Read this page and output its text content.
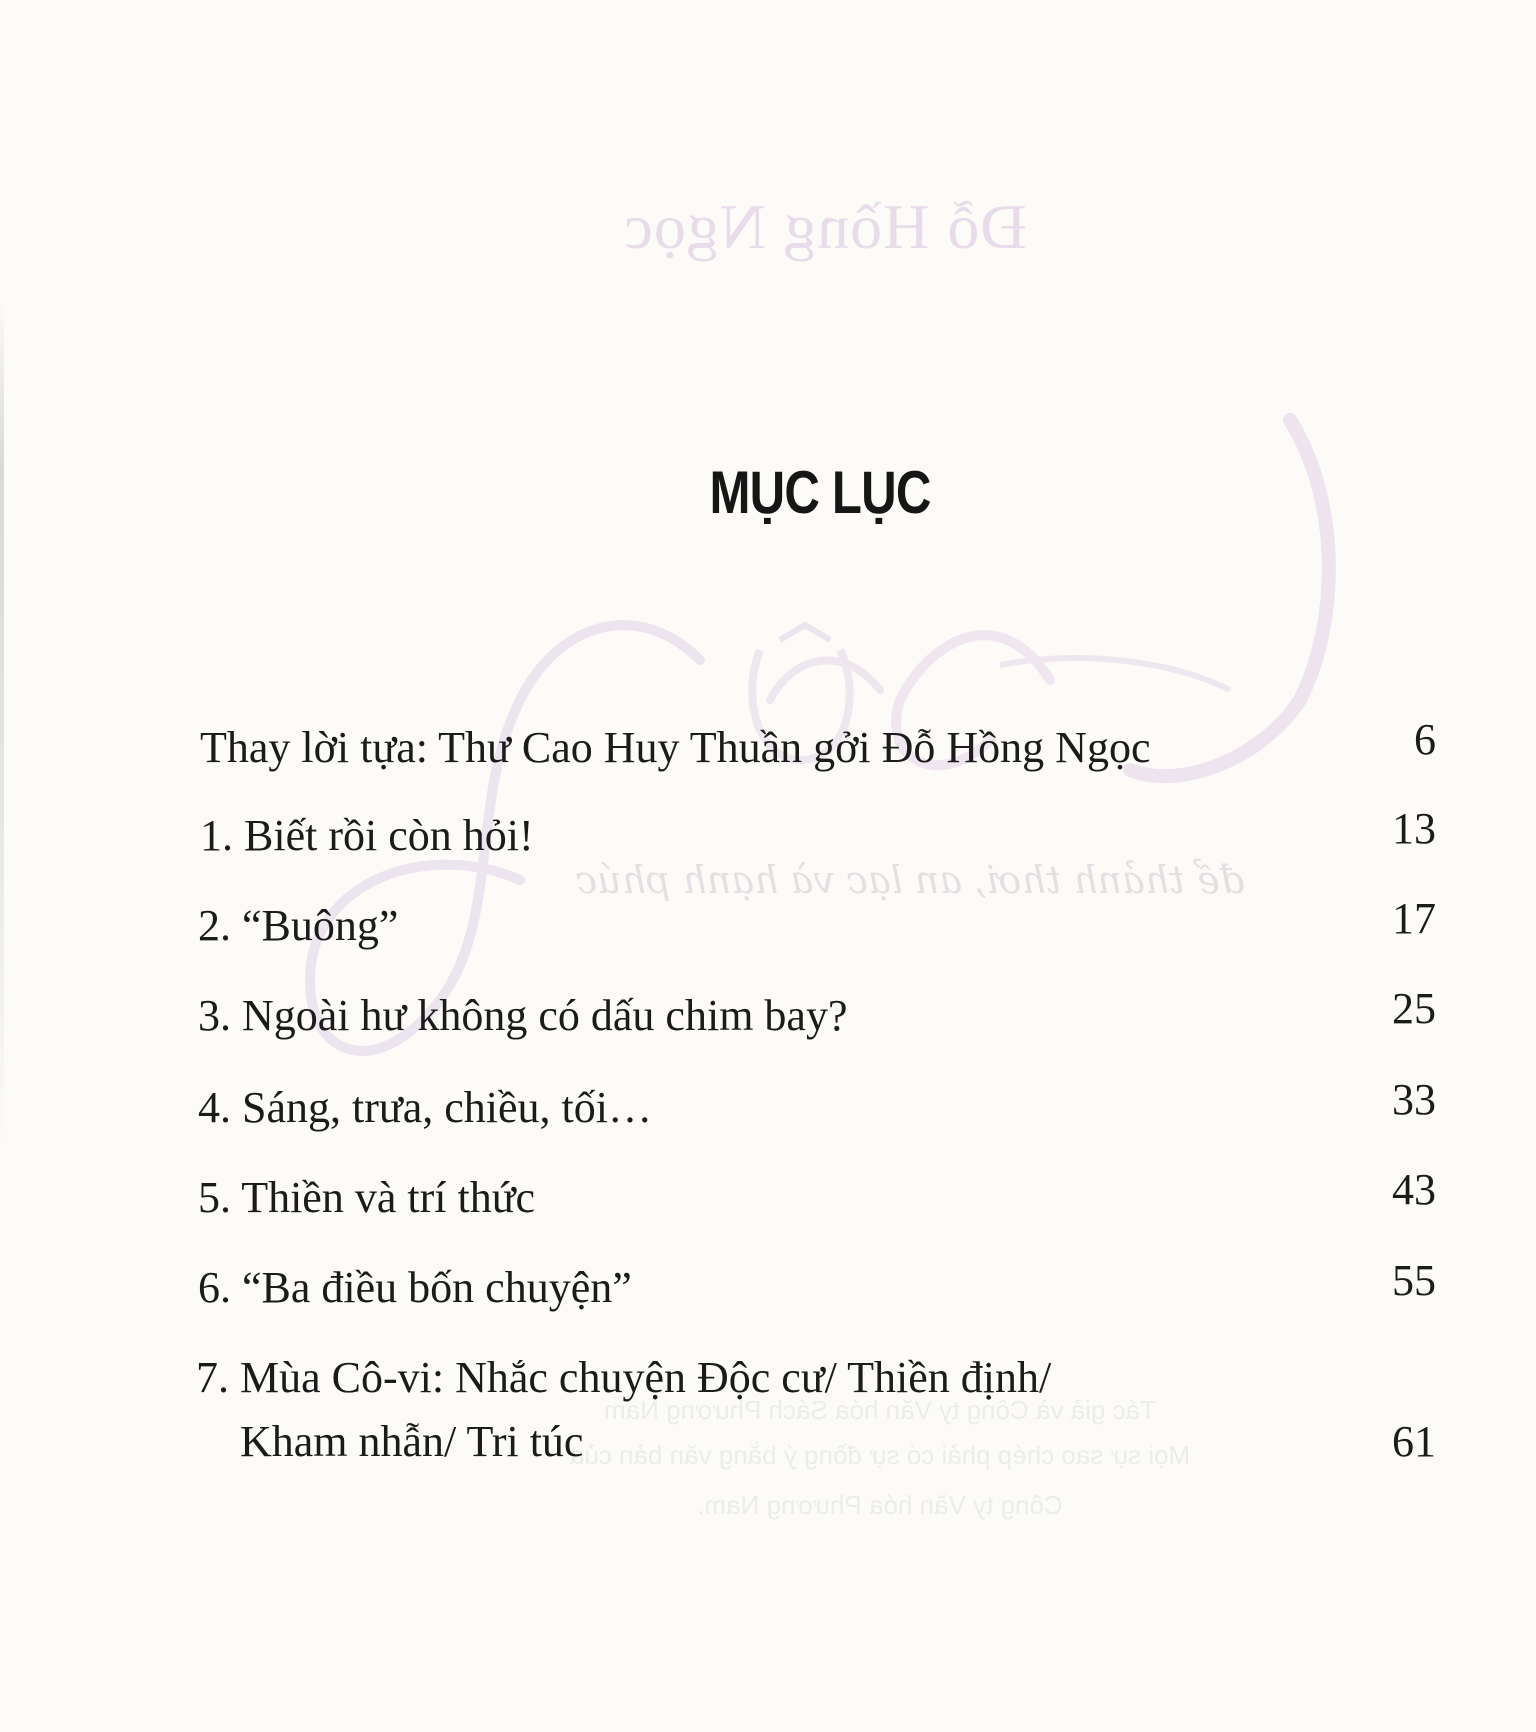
Đỗ Hồng Ngọc
để thảnh thơi, an lạc và hạnh phúc
Tác giả và Công ty Văn hóa Sách Phương Nam
Mọi sự sao chép phải có sự đồng ý bằng văn bản của
Công ty Văn hóa Phương Nam.
MỤC LỤC
Thay lời tựa: Thư Cao Huy Thuần gởi Đỗ Hồng Ngọc	6
1. Biết rồi còn hỏi!	13
2. “Buông”	17
3. Ngoài hư không có dấu chim bay?	25
4. Sáng, trưa, chiều, tối…	33
5. Thiền và trí thức	43
6. “Ba điều bốn chuyện”	55
7. Mùa Cô-vi: Nhắc chuyện Độc cư/ Thiền định/
Kham nhẫn/ Tri túc	61
